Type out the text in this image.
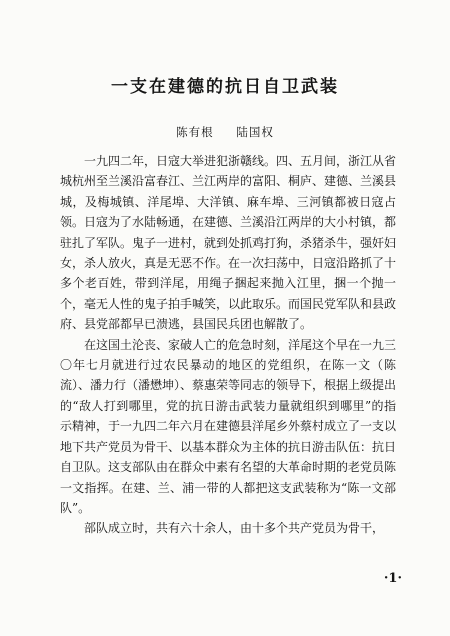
一支在建德的抗日自卫武装
陈有根 陆国权

一九四二年，日寇大举进犯浙赣线。四、五月间，浙江从省城杭州至兰溪沿富春江、兰江两岸的富阳、桐庐、建德、兰溪县城，及梅城镇、洋尾埠、大洋镇、麻车埠、三河镇都被日寇占领。日寇为了水陆畅通，在建德、兰溪沿江两岸的大小村镇，都驻扎了军队。鬼子一进村，就到处抓鸡打狗，杀猪杀牛，强奸妇女，杀人放火，真是无恶不作。在一次扫荡中，日寇沿路抓了十多个老百姓，带到洋尾，用绳子捆起来抛入江里，捆一个抛一个，毫无人性的鬼子拍手喊笑，以此取乐。而国民党军队和县政府、县党部都早已溃逃，县国民兵团也解散了。

在这国土沦丧、家破人亡的危急时刻，洋尾这个早在一九三〇年七月就进行过农民暴动的地区的党组织，在陈一文（陈流）、潘力行（潘懋坤）、蔡惠荣等同志的领导下，根据上级提出的“敌人打到哪里，党的抗日游击武装力量就组织到哪里”的指示精神，于一九四二年六月在建德县洋尾乡外蔡村成立了一支以地下共产党员为骨干、以基本群众为主体的抗日游击队伍：抗日自卫队。这支部队由在群众中素有名望的大革命时期的老党员陈一文指挥。在建、兰、浦一带的人都把这支武装称为“陈一文部队”。

部队成立时，共有六十余人，由十多个共产党员为骨干，

·1·
